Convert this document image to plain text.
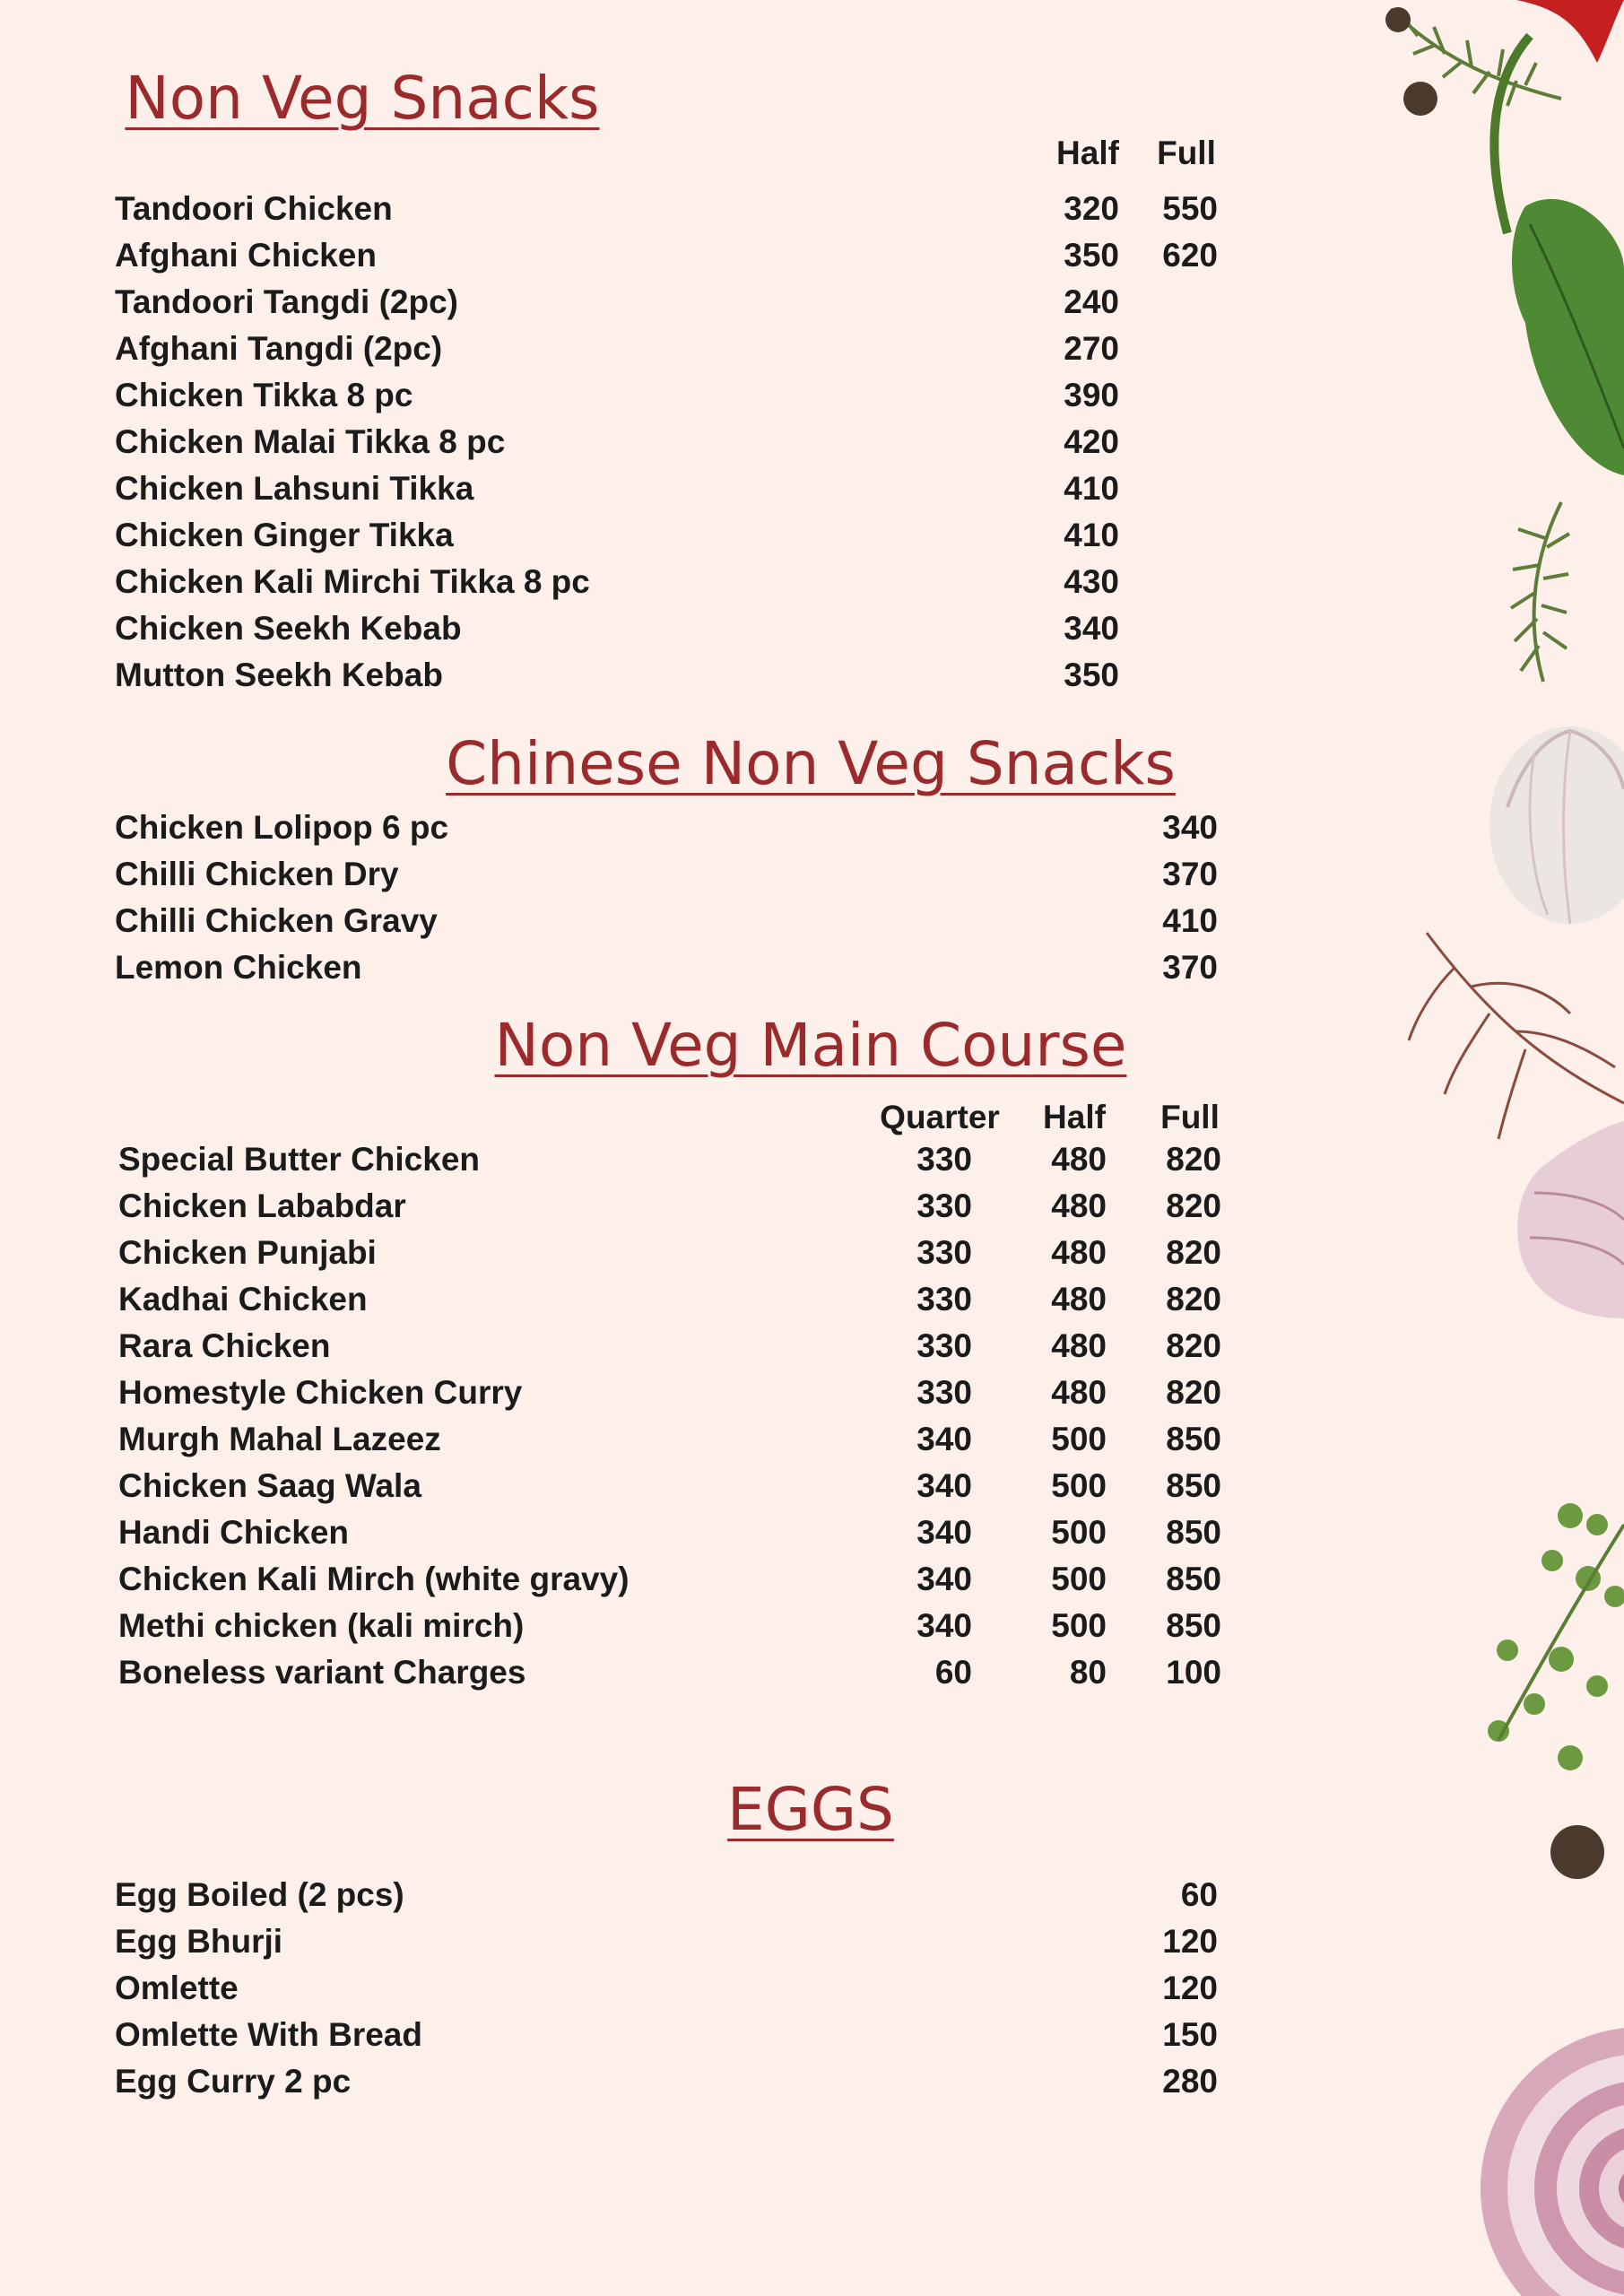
Non Veg Snacks
Half	Full
Tandoori Chicken	320	550
Afghani Chicken	350	620
Tandoori Tangdi (2pc)	240
Afghani Tangdi (2pc)	270
Chicken Tikka 8 pc	390
Chicken Malai Tikka 8 pc	420
Chicken Lahsuni Tikka	410
Chicken Ginger Tikka	410
Chicken Kali Mirchi Tikka 8 pc	430
Chicken Seekh Kebab	340
Mutton Seekh Kebab	350
Chinese Non Veg Snacks
Chicken Lolipop 6 pc	340
Chilli Chicken Dry	370
Chilli Chicken Gravy	410
Lemon Chicken	370
Non Veg Main Course
Quarter	Half	Full
Special Butter Chicken	330	480	820
Chicken Lababdar	330	480	820
Chicken Punjabi	330	480	820
Kadhai Chicken	330	480	820
Rara Chicken	330	480	820
Homestyle Chicken Curry	330	480	820
Murgh Mahal Lazeez	340	500	850
Chicken Saag Wala	340	500	850
Handi Chicken	340	500	850
Chicken Kali Mirch (white gravy)	340	500	850
Methi chicken (kali mirch)	340	500	850
Boneless variant Charges	60	80	100
EGGS
Egg Boiled (2 pcs)	60
Egg Bhurji	120
Omlette	120
Omlette With Bread	150
Egg Curry 2 pc	280
